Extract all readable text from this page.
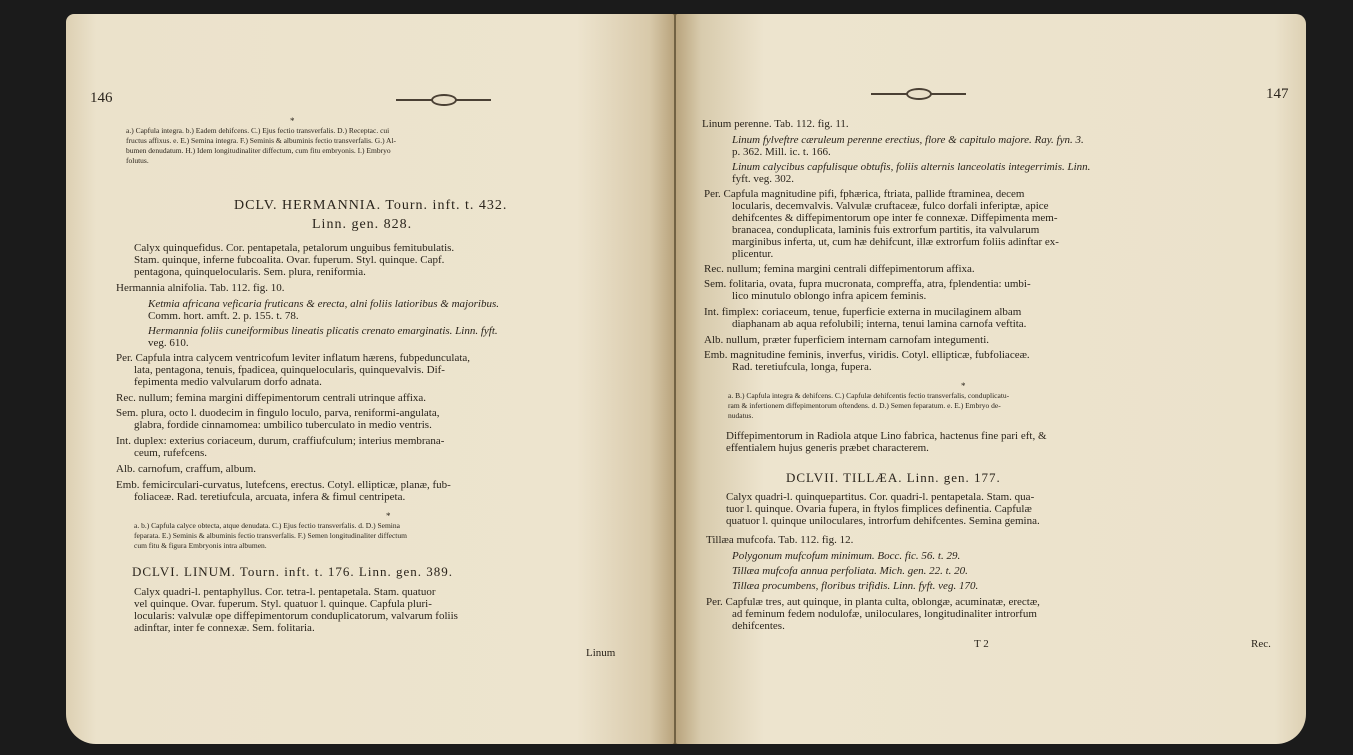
146
*
a.) Capfula integra. b.) Eadem dehifcens. C.) Ejus fectio transverfalis. D.) Receptac. cui
fructus affixus. e. E.) Semina integra. F.) Seminis & albuminis fectio transverfalis. G.) Al-
bumen denudatum. H.) Idem longitudinaliter diffectum, cum fitu embryonis. I.) Embryo
folutus.
DCLV. HERMANNIA. Tourn. inft. t. 432.
Linn. gen. 828.
Calyx quinquefidus. Cor. pentapetala, petalorum unguibus femitubulatis.
Stam. quinque, inferne fubcoalita. Ovar. fuperum. Styl. quinque. Capf.
pentagona, quinquelocularis. Sem. plura, reniformia.
Hermannia alnifolia. Tab. 112. fig. 10.
Ketmia africana veficaria fruticans & erecta, alni foliis latioribus & majoribus.
Comm. hort. amft. 2. p. 155. t. 78.
Hermannia foliis cuneiformibus lineatis plicatis crenato emarginatis. Linn. fyft.
veg. 610.
Per. Capfula intra calycem ventricofum leviter inflatum hærens, fubpedunculata,
lata, pentagona, tenuis, fpadicea, quinquelocularis, quinquevalvis. Dif-
fepimenta medio valvularum dorfo adnata.
Rec. nullum; femina margini diffepimentorum centrali utrinque affixa.
Sem. plura, octo l. duodecim in fingulo loculo, parva, reniformi-angulata,
glabra, fordide cinnamomea: umbilico tuberculato in medio ventris.
Int. duplex: exterius coriaceum, durum, craffiufculum; interius membrana-
ceum, rufefcens.
Alb. carnofum, craffum, album.
Emb. femicirculari-curvatus, lutefcens, erectus. Cotyl. ellipticæ, planæ, fub-
foliaceæ. Rad. teretiufcula, arcuata, infera & fimul centripeta.
*
a. b.) Capfula calyce obtecta, atque denudata. C.) Ejus fectio transverfalis. d. D.) Semina
feparata. E.) Seminis & albuminis fectio transverfalis. F.) Semen longitudinaliter diffectum
cum fitu & figura Embryonis intra albumen.
DCLVI. LINUM. Tourn. inft. t. 176. Linn. gen. 389.
Calyx quadri-l. pentaphyllus. Cor. tetra-l. pentapetala. Stam. quatuor
vel quinque. Ovar. fuperum. Styl. quatuor l. quinque. Capfula pluri-
locularis: valvulæ ope diffepimentorum conduplicatorum, valvarum foliis
adinftar, inter fe connexæ. Sem. folitaria.
Linum
147
Linum perenne. Tab. 112. fig. 11.
Linum fylveftre cæruleum perenne erectius, flore & capitulo majore. Ray. fyn. 3.
p. 362. Mill. ic. t. 166.
Linum calycibus capfulisque obtufis, foliis alternis lanceolatis integerrimis. Linn.
fyft. veg. 302.
Per. Capfula magnitudine pifi, fphærica, ftriata, pallide ftraminea, decem
locularis, decemvalvis. Valvulæ cruftaceæ, fulco dorfali inferiptæ, apice
dehifcentes & diffepimentorum ope inter fe connexæ. Diffepimenta mem-
branacea, conduplicata, laminis fuis extrorfum partitis, ita valvularum
marginibus inferta, ut, cum hæ dehifcunt, illæ extrorfum foliis adinftar ex-
plicentur.
Rec. nullum; femina margini centrali diffepimentorum affixa.
Sem. folitaria, ovata, fupra mucronata, compreffa, atra, fplendentia: umbi-
lico minutulo oblongo infra apicem feminis.
Int. fimplex: coriaceum, tenue, fuperficie externa in mucilaginem albam
diaphanam ab aqua refolubili; interna, tenui lamina carnofa veftita.
Alb. nullum, præter fuperficiem internam carnofam integumenti.
Emb. magnitudine feminis, inverfus, viridis. Cotyl. ellipticæ, fubfoliaceæ.
Rad. teretiufcula, longa, fupera.
*
a. B.) Capfula integra & dehifcens. C.) Capfulæ dehifcentis fectio transverfalis, conduplicatu-
ram & infertionem diffepimentorum oftendens. d. D.) Semen feparatum. e. E.) Embryo de-
nudatus.
Diffepimentorum in Radiola atque Lino fabrica, hactenus fine pari eft, &
effentialem hujus generis præbet characterem.
DCLVII. TILLÆA. Linn. gen. 177.
Calyx quadri-l. quinquepartitus. Cor. quadri-l. pentapetala. Stam. qua-
tuor l. quinque. Ovaria fupera, in ftylos fimplices definentia. Capfulæ
quatuor l. quinque uniloculares, introrfum dehifcentes. Semina gemina.
Tillæa mufcofa. Tab. 112. fig. 12.
Polygonum mufcofum minimum. Bocc. fic. 56. t. 29.
Tillæa mufcofa annua perfoliata. Mich. gen. 22. t. 20.
Tillæa procumbens, floribus trifidis. Linn. fyft. veg. 170.
Per. Capfulæ tres, aut quinque, in planta culta, oblongæ, acuminatæ, erectæ,
ad feminum fedem nodulofæ, uniloculares, longitudinaliter introrfum
dehifcentes.
T 2	Rec.
